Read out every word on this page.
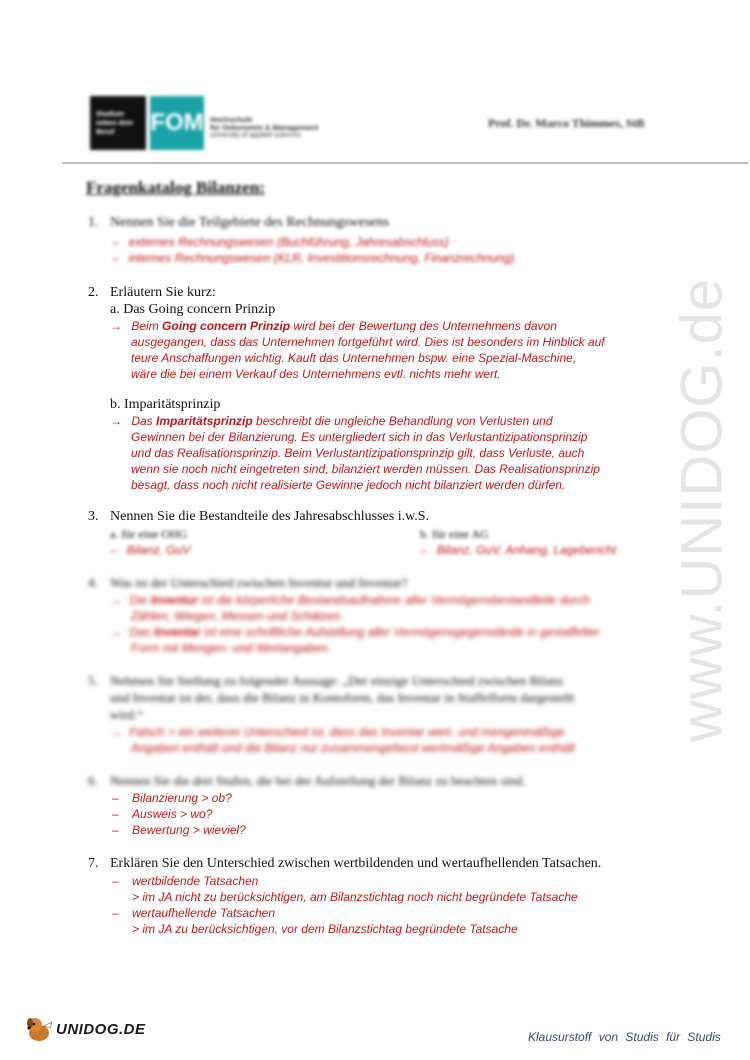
Studium
neben dem
Beruf FOM Hochschule
für Oekonomie & Management
university of applied sciences
Prof. Dr. Marco Thimmes, StB
Fragenkatalog Bilanzen:
www.UNIDOG.de
1. Nennen Sie die Teilgebiete des Rechnungswesens
– externes Rechnungswesen (Buchführung, Jahresabschluss)
– internes Rechnungswesen (KLR, Investitionsrechnung, Finanzrechnung)
2. Erläutern Sie kurz:
a. Das Going concern Prinzip
→ Beim Going concern Prinzip wird bei der Bewertung des Unternehmens davon
ausgegangen, dass das Unternehmen fortgeführt wird. Dies ist besonders im Hinblick auf
teure Anschaffungen wichtig. Kauft das Unternehmen bspw. eine Spezial-Maschine,
wäre die bei einem Verkauf des Unternehmens evtl. nichts mehr wert.
b. Imparitätsprinzip
→ Das Imparitätsprinzip beschreibt die ungleiche Behandlung von Verlusten und
Gewinnen bei der Bilanzierung. Es untergliedert sich in das Verlustantizipationsprinzip
und das Realisationsprinzip. Beim Verlustantizipationsprinzip gilt, dass Verluste, auch
wenn sie noch nicht eingetreten sind, bilanziert werden müssen. Das Realisationsprinzip
besagt, dass noch nicht realisierte Gewinne jedoch nicht bilanziert werden dürfen.
3. Nennen Sie die Bestandteile des Jahresabschlusses i.w.S.
a. für eine OHG
– Bilanz, GuV
b. für eine AG
– Bilanz, GuV, Anhang, Lagebericht
4. Was ist der Unterschied zwischen Inventur und Inventar?
→ Die Inventur ist die körperliche Bestandsaufnahme aller Vermögensbestandteile durch
Zählen, Wiegen, Messen und Schätzen.
→ Das Inventar ist eine schriftliche Aufstellung aller Vermögensgegenstände in gestaffelter
Form mit Mengen- und Wertangaben.
5. Nehmen Sie Stellung zu folgender Aussage: „Der einzige Unterschied zwischen Bilanz
und Inventar ist der, dass die Bilanz in Kontoform, das Inventar in Staffelform dargestellt
wird.“
→ Falsch > ein weiterer Unterschied ist, dass das Inventar wert- und mengenmäßige
Angaben enthält und die Bilanz nur zusammengefasst wertmäßige Angaben enthält
6. Nennen Sie die drei Stufen, die bei der Aufstellung der Bilanz zu beachten sind.
– Bilanzierung > ob?
– Ausweis > wo?
– Bewertung > wieviel?
7. Erklären Sie den Unterschied zwischen wertbildenden und wertaufhellenden Tatsachen.
– wertbildende Tatsachen
> im JA nicht zu berücksichtigen, am Bilanzstichtag noch nicht begründete Tatsache
– wertaufhellende Tatsachen
> im JA zu berücksichtigen, vor dem Bilanzstichtag begründete Tatsache
UNIDOG.DE	Klausurstoff von Studis für Studis
